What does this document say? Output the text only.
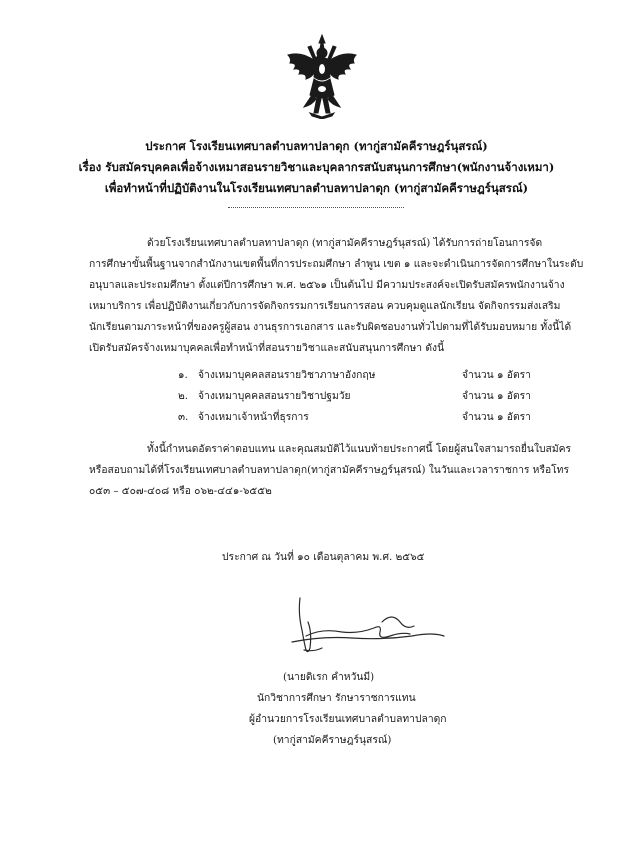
ประกาศ โรงเรียนเทศบาลตำบลทาปลาดุก (ทากู่สามัคคีราษฎร์นุสรณ์)
เรื่อง รับสมัครบุคคลเพื่อจ้างเหมาสอนรายวิชาและบุคลากรสนับสนุนการศึกษา(พนักงานจ้างเหมา)
เพื่อทำหน้าที่ปฏิบัติงานในโรงเรียนเทศบาลตำบลทาปลาดุก (ทากู่สามัคคีราษฎร์นุสรณ์)
ด้วยโรงเรียนเทศบาลตำบลทาปลาดุก (ทากู่สามัคคีราษฎร์นุสรณ์) ได้รับการถ่ายโอนการจัด
การศึกษาขั้นพื้นฐานจากสำนักงานเขตพื้นที่การประถมศึกษา ลำพูน เขต ๑ และจะดำเนินการจัดการศึกษาในระดับ
อนุบาลและประถมศึกษา ตั้งแต่ปีการศึกษา พ.ศ. ๒๕๖๑ เป็นต้นไป มีความประสงค์จะเปิดรับสมัครพนักงานจ้าง
เหมาบริการ เพื่อปฏิบัติงานเกี่ยวกับการจัดกิจกรรมการเรียนการสอน ควบคุมดูแลนักเรียน จัดกิจกรรมส่งเสริม
นักเรียนตามภาระหน้าที่ของครูผู้สอน งานธุรการเอกสาร และรับผิดชอบงานทั่วไปตามที่ได้รับมอบหมาย ทั้งนี้ได้
เปิดรับสมัครจ้างเหมาบุคคลเพื่อทำหน้าที่สอนรายวิชาและสนับสนุนการศึกษา ดังนี้
๑. จ้างเหมาบุคคลสอนรายวิชาภาษาอังกฤษ	จำนวน ๑ อัตรา
๒. จ้างเหมาบุคคลสอนรายวิชาปฐมวัย	จำนวน ๑ อัตรา
๓. จ้างเหมาเจ้าหน้าที่ธุรการ	จำนวน ๑ อัตรา
ทั้งนี้กำหนดอัตราค่าตอบแทน และคุณสมบัติไว้แนบท้ายประกาศนี้ โดยผู้สนใจสามารถยื่นใบสมัคร
หรือสอบถามได้ที่โรงเรียนเทศบาลตำบลทาปลาดุก(ทากู่สามัคคีราษฎร์นุสรณ์) ในวันและเวลาราชการ หรือโทร
๐๕๓ – ๕๐๗-๔๐๘ หรือ ๐๖๒-๔๔๑-๖๕๕๒
ประกาศ ณ วันที่ ๑๐ เดือนตุลาคม พ.ศ. ๒๕๖๕
(นายดิเรก คำหวันมี)
นักวิชาการศึกษา รักษาราชการแทน
ผู้อำนวยการโรงเรียนเทศบาลตำบลทาปลาดุก
(ทากู่สามัคคีราษฎร์นุสรณ์)
